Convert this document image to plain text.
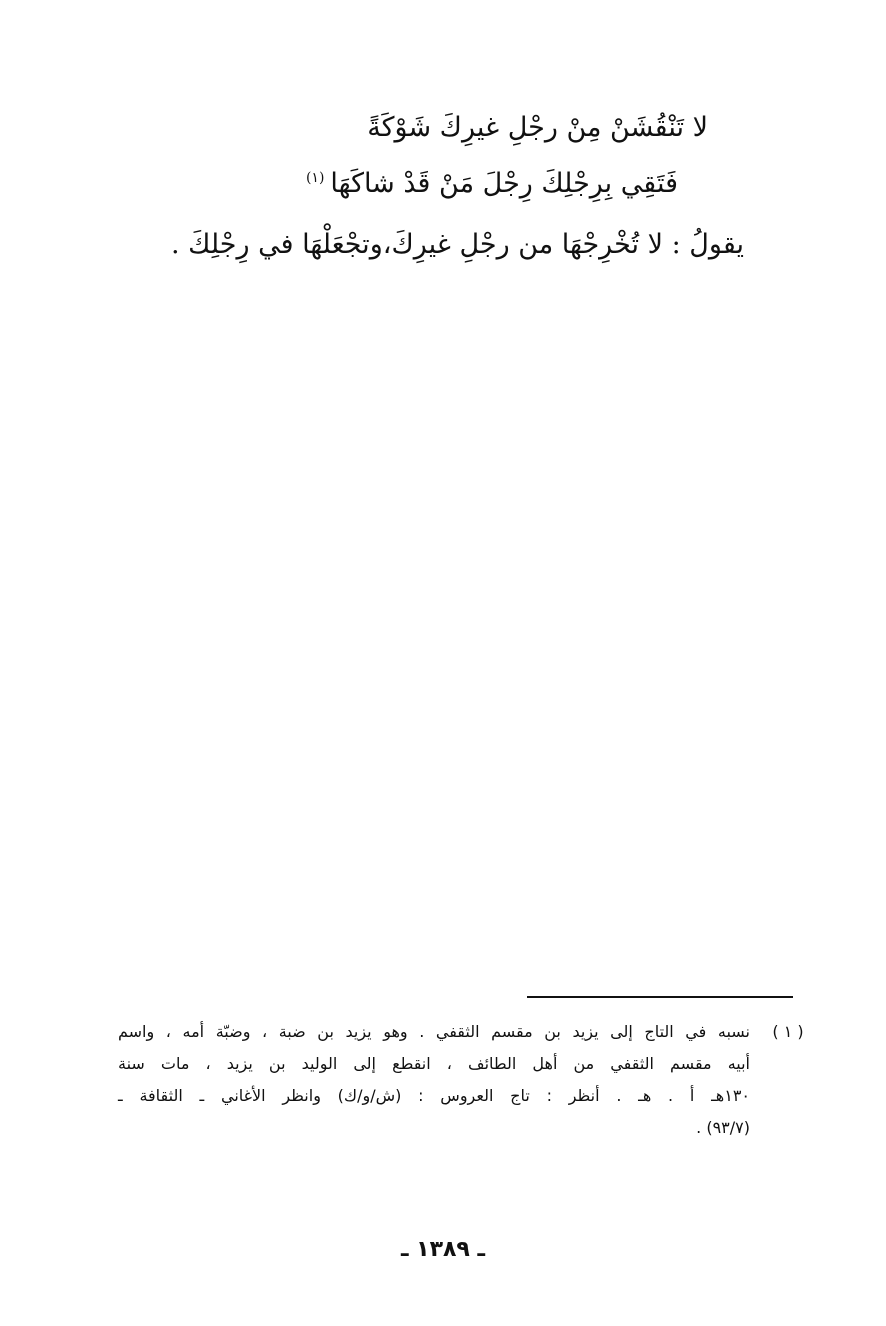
لا تَنْقُشَنْ مِنْ رجْلِ غيرِكَ شَوْكَةً
فَتَقِي بِرِجْلِكَ رِجْلَ مَنْ قَدْ شاكَهَا$^{(١)}$
يقولُ : لا تُخْرِجْهَا من رجْلِ غيرِكَ،وتجْعَلْهَا في رِجْلِكَ .
( ١ )
نسبه في التاج إلى يزيد بن مقسم الثقفي . وهو يزيد بن ضبة ، وضبّة أمه ، واسم
أبيه مقسم الثقفي من أهل الطائف ، انقطع إلى الوليد بن يزيد ، مات سنة
١٣٠هـ أ . هـ . أنظر : تاج العروس : (ش/و/ك) وانظر الأغاني ـ الثقافة ـ
(٩٣/٧) .
ـ ١٣٨٩ ـ
